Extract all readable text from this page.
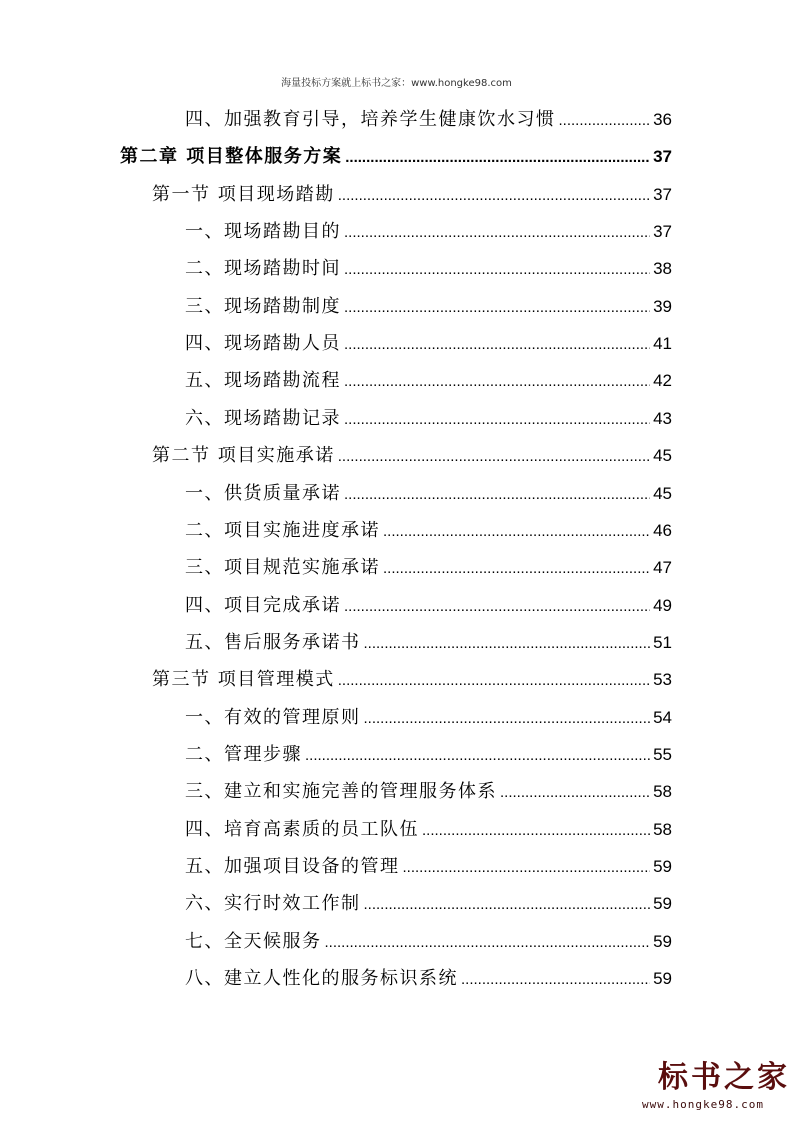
海量投标方案就上标书之家：www.hongke98.com
四、加强教育引导，培养学生健康饮水习惯 .....	36
第二章 项目整体服务方案 .....	37
第一节 项目现场踏勘 .....	37
一、现场踏勘目的 .....	37
二、现场踏勘时间 .....	38
三、现场踏勘制度 .....	39
四、现场踏勘人员 .....	41
五、现场踏勘流程 .....	42
六、现场踏勘记录 .....	43
第二节 项目实施承诺 .....	45
一、供货质量承诺 .....	45
二、项目实施进度承诺 .....	46
三、项目规范实施承诺 .....	47
四、项目完成承诺 .....	49
五、售后服务承诺书 .....	51
第三节 项目管理模式 .....	53
一、有效的管理原则 .....	54
二、管理步骤 .....	55
三、建立和实施完善的管理服务体系 .....	58
四、培育高素质的员工队伍 .....	58
五、加强项目设备的管理 .....	59
六、实行时效工作制 .....	59
七、全天候服务 .....	59
八、建立人性化的服务标识系统 .....	59
标书之家
www.hongke98.com
